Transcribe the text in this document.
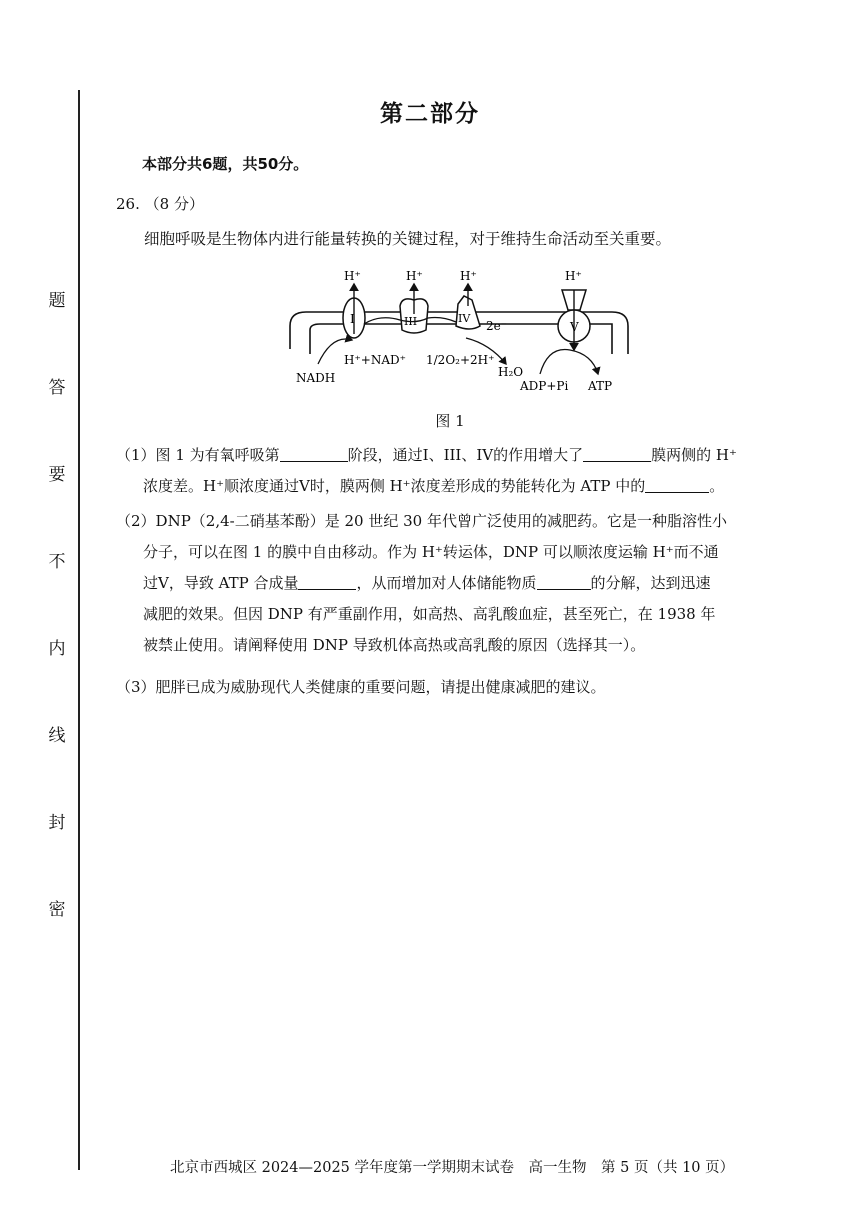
题
答
要
不
内
线
封
密
第二部分
本部分共6题，共50分。
26. （8 分）
细胞呼吸是生物体内进行能量转换的关键过程，对于维持生命活动至关重要。
I
H⁺
III
H⁺
IV
H⁺
2e⁻	V
H⁺
NADH
H⁺+NAD⁺ 1/2O₂+2H⁺
H₂O
ADP+Pi ATP
图 1
（1）图 1 为有氧呼吸第	阶段，通过I、III、IV的作用增大了	膜两侧的 H⁺
浓度差。H⁺顺浓度通过V时，膜两侧 H⁺浓度差形成的势能转化为 ATP 中的	。
（2）DNP（2,4-二硝基苯酚）是 20 世纪 30 年代曾广泛使用的减肥药。它是一种脂溶性小
分子，可以在图 1 的膜中自由移动。作为 H⁺转运体，DNP 可以顺浓度运输 H⁺而不通
过V，导致 ATP 合成量	，从而增加对人体储能物质	的分解，达到迅速
减肥的效果。但因 DNP 有严重副作用，如高热、高乳酸血症，甚至死亡，在 1938 年
被禁止使用。请阐释使用 DNP 导致机体高热或高乳酸的原因（选择其一）。
（3）肥胖已成为威胁现代人类健康的重要问题，请提出健康减肥的建议。
北京市西城区 2024—2025 学年度第一学期期末试卷　高一生物　第 5 页（共 10 页）
